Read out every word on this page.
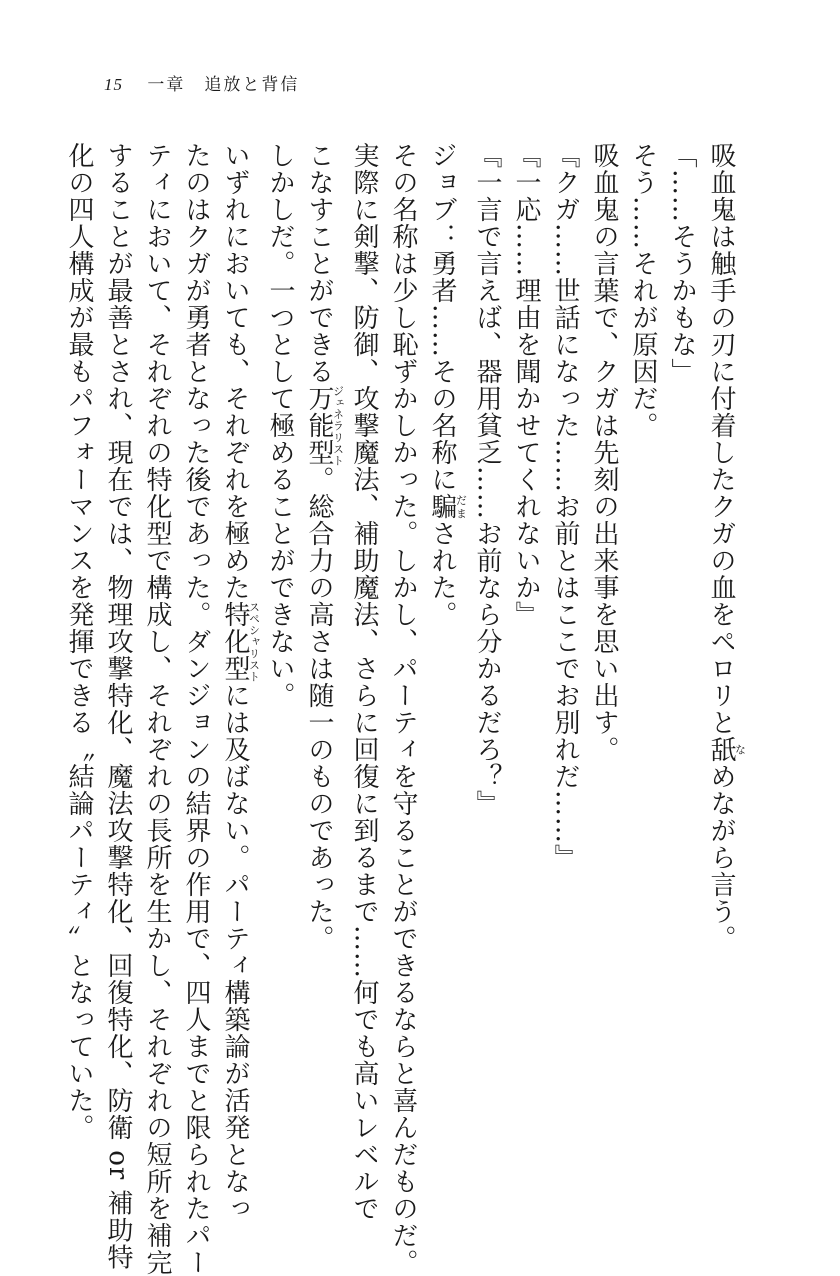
15 一章　追放と背信
吸血鬼は触手の刃に付着したクガの血をペロリと舐なめながら言う。
「……そうかもな」
そう……それが原因だ。
吸血鬼の言葉で、クガは先刻の出来事を思い出す。
『クガ……世話になった……お前とはここでお別れだ……』
『一応……理由を聞かせてくれないか』
『一言で言えば、器用貧乏……お前なら分かるだろ？』
ジョブ：勇者……その名称に騙だまされた。
その名称は少し恥ずかしかった。しかし、パーティを守ることができるならと喜んだものだ。
実際に剣撃、防御、攻撃魔法、補助魔法、さらに回復に到るまで……何でも高いレベルで
こなすことができる万能型ジェネラリスト。総合力の高さは随一のものであった。
しかしだ。一つとして極めることができない。
いずれにおいても、それぞれを極めた特化型スペシャリストには及ばない。パーティ構築論が活発となっ
たのはクガが勇者となった後であった。ダンジョンの結界の作用で、四人までと限られたパー
ティにおいて、それぞれの特化型で構成し、それぞれの長所を生かし、それぞれの短所を補完
することが最善とされ、現在では、物理攻撃特化、魔法攻撃特化、回復特化、防衛 or 補助特
化の四人構成が最もパフォーマンスを発揮できる〝結論パーティ〟となっていた。
